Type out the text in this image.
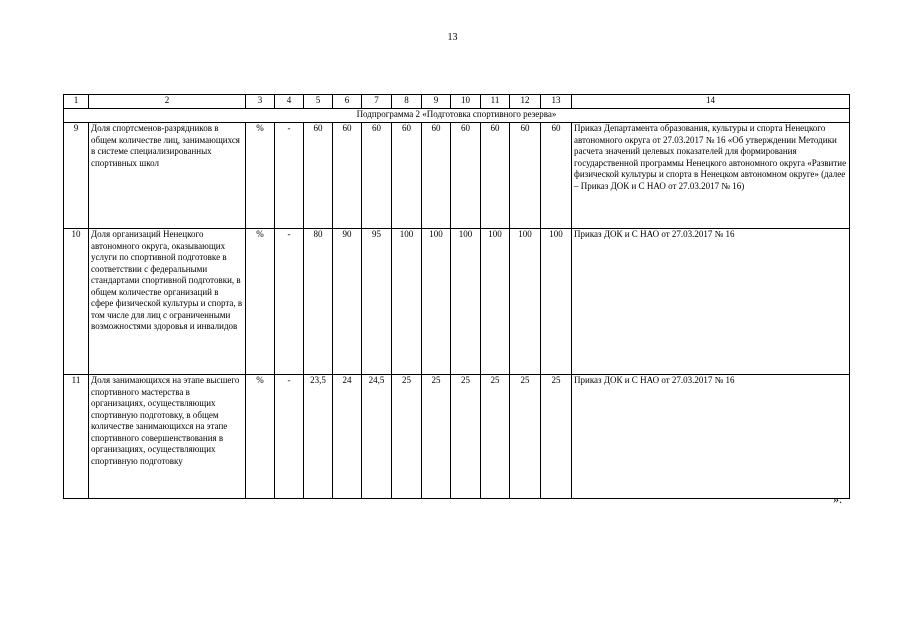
13
1	2	3	4	5	6	7	8	9	10	11	12	13	14
Подпрограмма 2 «Подготовка спортивного резерва»													
9	Доля спортсменов-разрядников в общем количестве лиц, занимающихся в системе специализированных спортивных школ	%	-	60	60	60	60	60	60	60	60	60	Приказ Департамента образования, культуры и спорта Ненецкого автономного округа от 27.03.2017 № 16 «Об утверждении Методики расчета значений целевых показателей для формирования государственной программы Ненецкого автономного округа «Развитие физической культуры и спорта в Ненецком автономном округе» (далее – Приказ ДОК и С НАО от 27.03.2017 № 16)
10	Доля организаций Ненецкого автономного округа, оказывающих услуги по спортивной подготовке в соответствии с федеральными стандартами спортивной подготовки, в общем количестве организаций в сфере физической культуры и спорта, в том числе для лиц с ограниченными возможностями здоровья и инвалидов	%	-	80	90	95	100	100	100	100	100	100	Приказ ДОК и С НАО от 27.03.2017 № 16
11	Доля занимающихся на этапе высшего спортивного мастерства в организациях, осуществляющих спортивную подготовку, в общем количестве занимающихся на этапе спортивного совершенствования в организациях, осуществляющих спортивную подготовку	%	-	23,5	24	24,5	25	25	25	25	25	25	Приказ ДОК и С НАО от 27.03.2017 № 16
».
